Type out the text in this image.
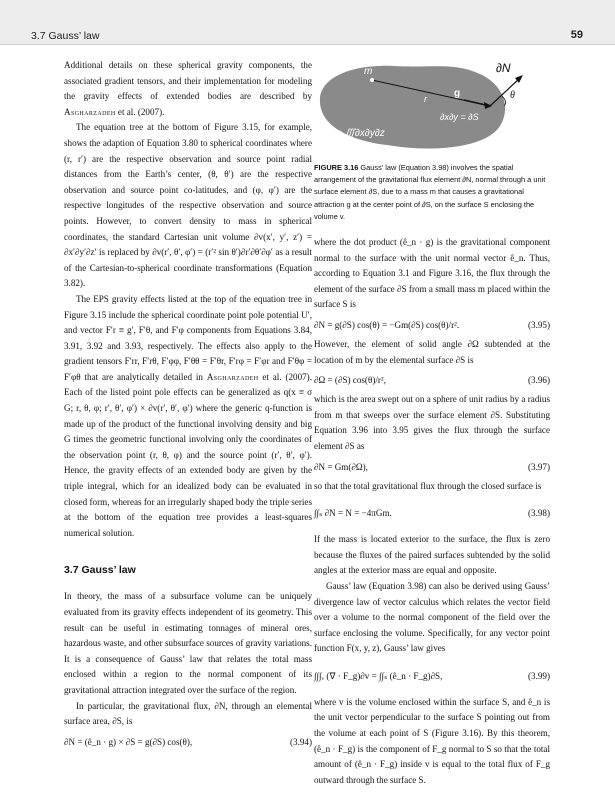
3.7 Gauss’ law	59

Additional details on these spherical gravity components, the associated gradient tensors, and their implementation for modeling the gravity effects of extended bodies are described by Asgharzadeh et al. (2007).

The equation tree at the bottom of Figure 3.15, for example, shows the adaption of Equation 3.80 to spherical coordinates where (r, r′) are the respective observation and source point radial distances from the Earth’s center, (θ, θ′) are the respective observation and source point co-latitudes, and (φ, φ′) are the respective longitudes of the respective observation and source points. However, to convert density to mass in spherical coordinates, the standard Cartesian unit volume ∂v(x′, y′, z′) = ∂x′∂y′∂z′ is replaced by ∂v(r′, θ′, φ′) = (r′² sin θ′)∂r′∂θ′∂φ′ as a result of the Cartesian-to-spherical coordinate transformations (Equation 3.82).

The EPS gravity effects listed at the top of the equation tree in Figure 3.15 include the spherical coordinate point pole potential U′, and vector F′r ≡ g′, F′θ, and F′φ components from Equations 3.84, 3.91, 3.92 and 3.93, respectively. The effects also apply to the gradient tensors F′rr, F′rθ, F′φφ, F′θθ = F′θr, F′rφ = F′φr and F′θφ = F′φθ that are analytically detailed in Asgharzadeh et al. (2007). Each of the listed point pole effects can be generalized as q(x ≡ σ G; r, θ, φ; r′, θ′, φ′) × ∂v(r′, θ′, φ′) where the generic q-function is made up of the product of the functional involving density and big G times the geometric functional involving only the coordinates of the observation point (r, θ, φ) and the source point (r′, θ′, φ′). Hence, the gravity effects of an extended body are given by the triple integral, which for an idealized body can be evaluated in closed form, whereas for an irregularly shaped body the triple series at the bottom of the equation tree provides a least-squares numerical solution.

3.7 Gauss’ law

In theory, the mass of a subsurface volume can be uniquely evaluated from its gravity effects independent of its geometry. This result can be useful in estimating tonnages of mineral ores, hazardous waste, and other subsurface sources of gravity variations. It is a consequence of Gauss’ law that relates the total mass enclosed within a region to the normal component of its gravitational attraction integrated over the surface of the region.

In particular, the gravitational flux, ∂N, through an elemental surface area, ∂S, is

∂N = (ê_n · g) × ∂S = g(∂S) cos(θ),	(3.94)
m
g
∂N
θ
r
∂x∂y = ∂S
v = ∭∂x∂y∂z
FIGURE 3.16 Gauss’ law (Equation 3.98) involves the spatial arrangement of the gravitational flux element ∂N, normal through a unit surface element ∂S, due to a mass m that causes a gravitational attraction g at the center point of ∂S, on the surface S enclosing the volume v.

where the dot product (ê_n · g) is the gravitational component normal to the surface with the unit normal vector ê_n. Thus, according to Equation 3.1 and Figure 3.16, the flux through the element of the surface ∂S from a small mass m placed within the surface S is

∂N = g(∂S) cos(θ) = −Gm(∂S) cos(θ)/r².	(3.95)

However, the element of solid angle ∂Ω subtended at the location of m by the elemental surface ∂S is

∂Ω = (∂S) cos(θ)/r²,	(3.96)

which is the area swept out on a sphere of unit radius by a radius from m that sweeps over the surface element ∂S. Substituting Equation 3.96 into 3.95 gives the flux through the surface element ∂S as

∂N = Gm(∂Ω),	(3.97)

so that the total gravitational flux through the closed surface is

∫∫ₛ ∂N = N = −4πGm.	(3.98)

If the mass is located exterior to the surface, the flux is zero because the fluxes of the paired surfaces subtended by the solid angles at the exterior mass are equal and opposite.

Gauss’ law (Equation 3.98) can also be derived using Gauss’ divergence law of vector calculus which relates the vector field over a volume to the normal component of the field over the surface enclosing the volume. Specifically, for any vector point function F(x, y, z), Gauss’ law gives

∫∫∫ᵥ (∇ · F_g)∂v = ∫∫ₛ (ê_n · F_g)∂S,	(3.99)

where v is the volume enclosed within the surface S, and ê_n is the unit vector perpendicular to the surface S pointing out from the volume at each point of S (Figure 3.16). By this theorem, (ê_n · F_g) is the component of F_g normal to S so that the total amount of (ê_n · F_g) inside v is equal to the total flux of F_g outward through the surface S.
